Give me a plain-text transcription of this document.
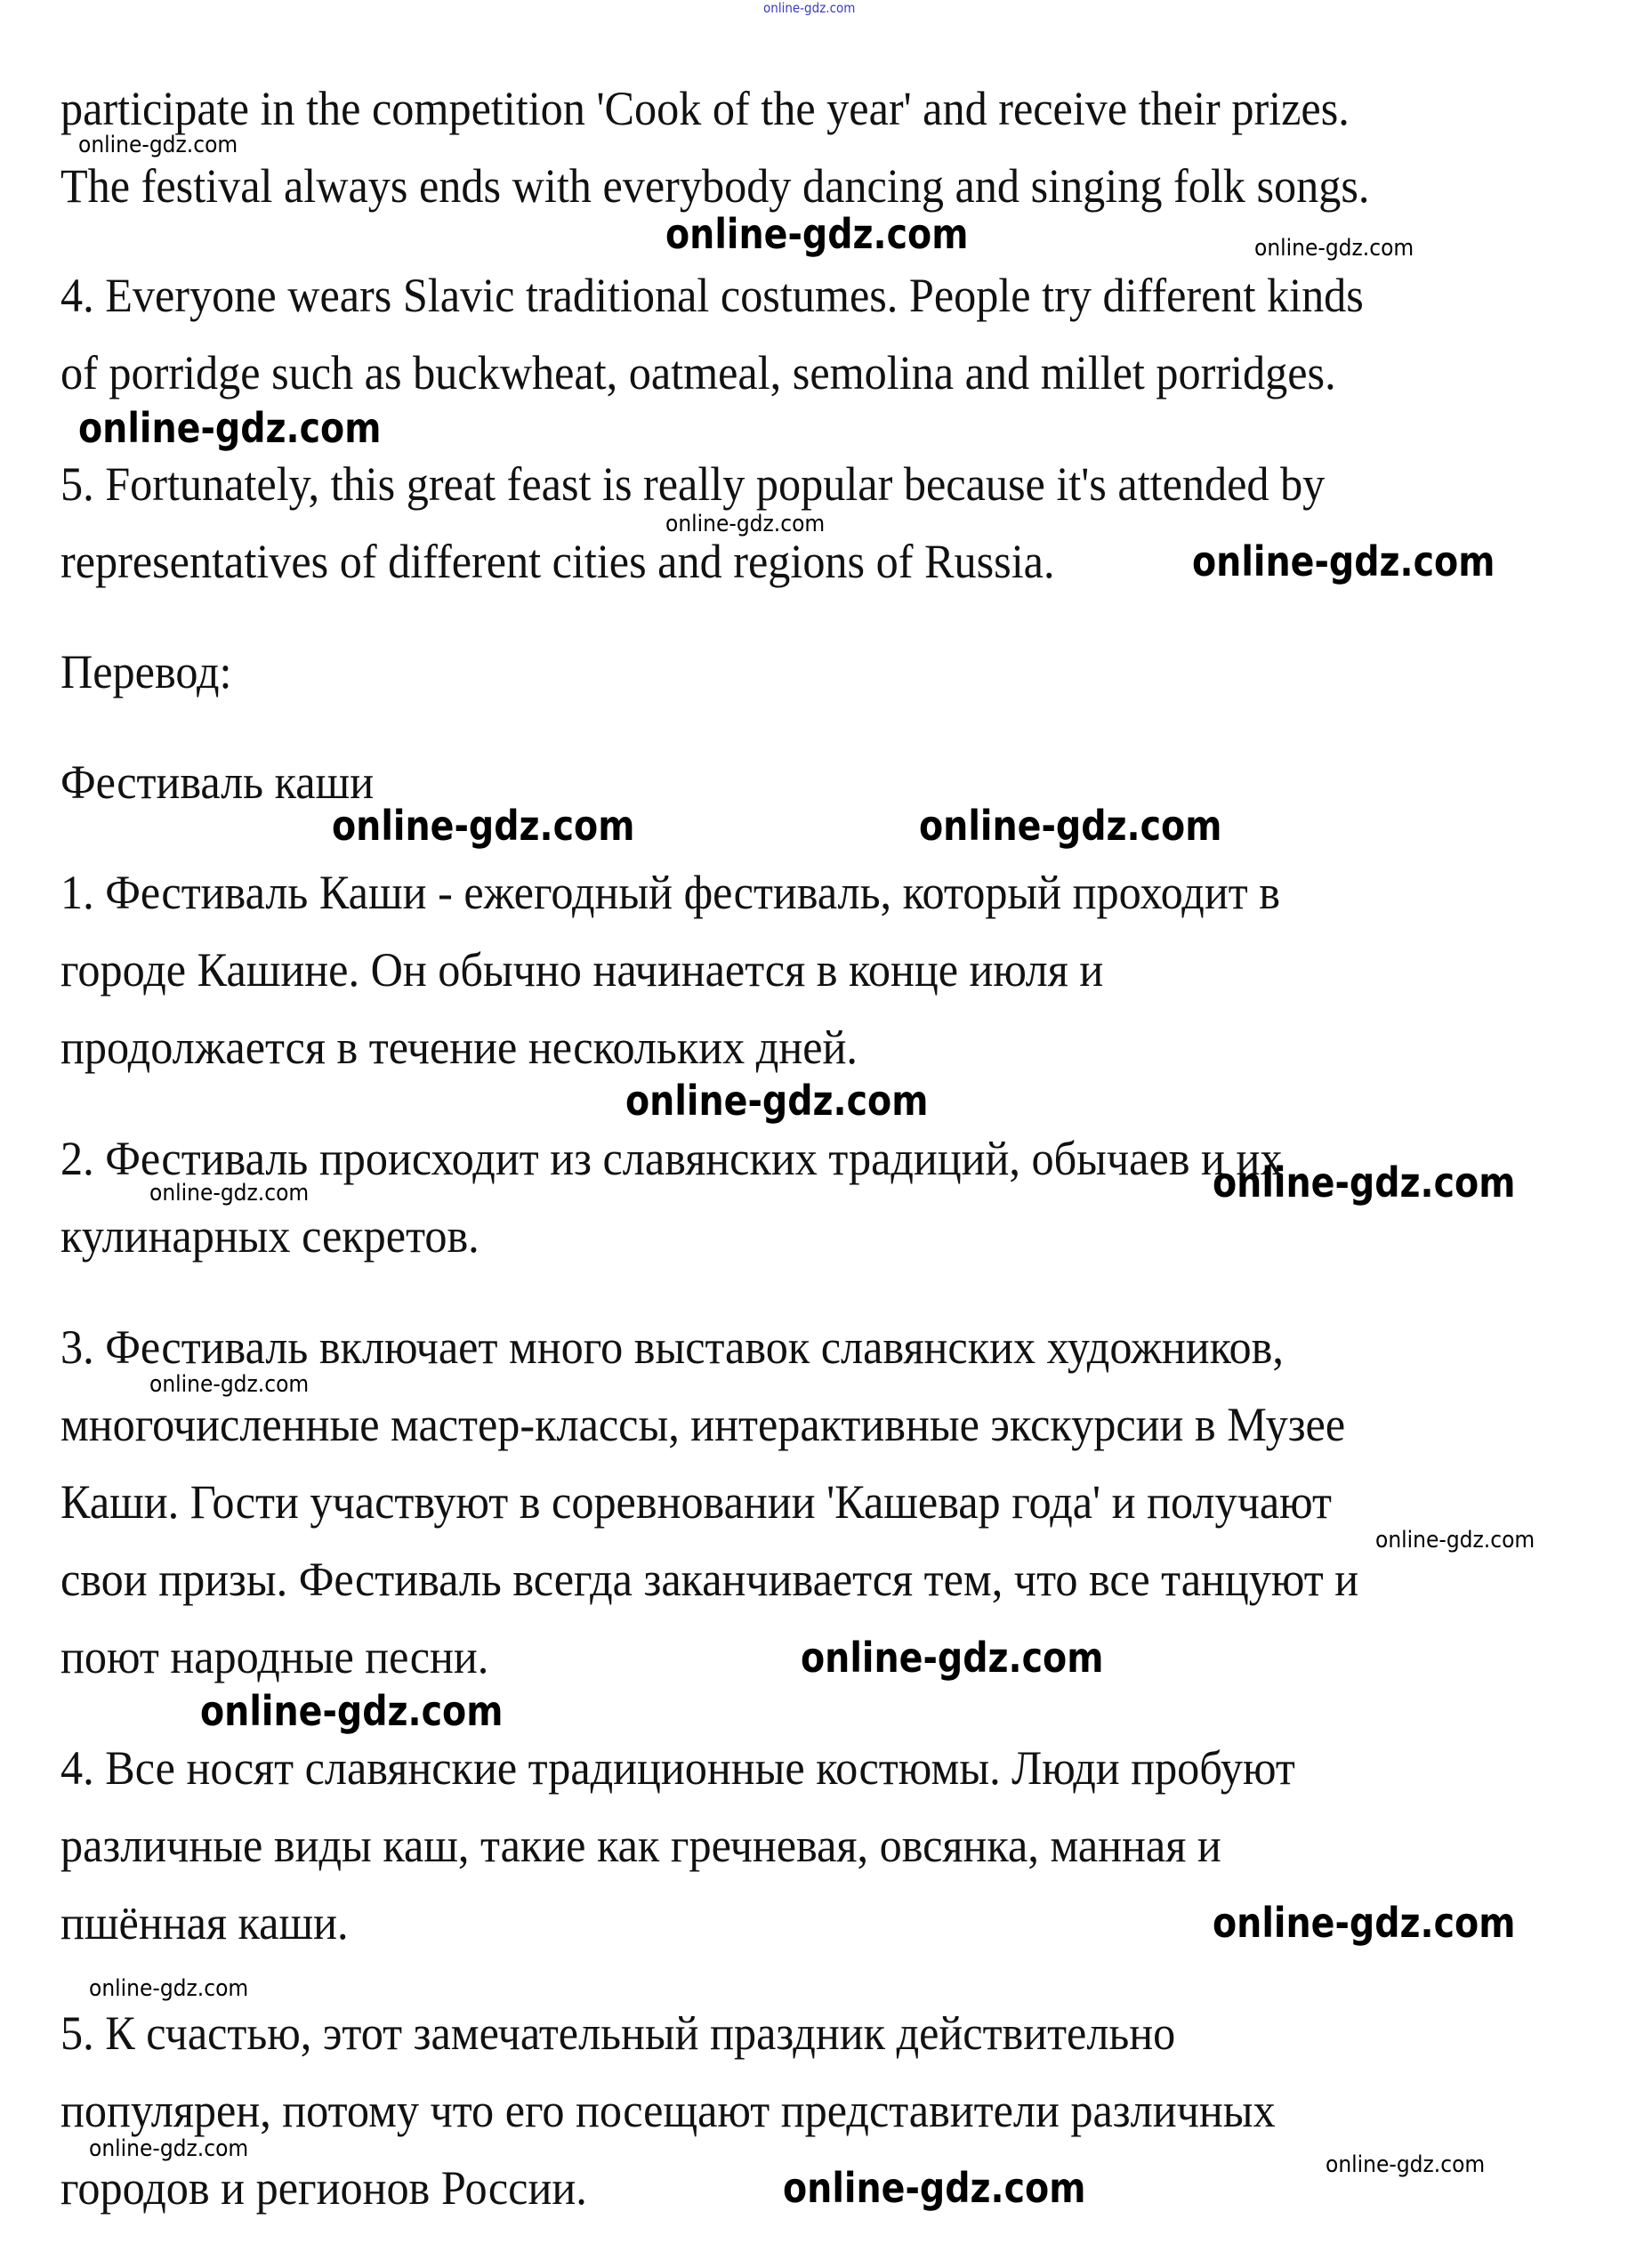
online-gdz.com
participate in the competition 'Cook of the year' and receive their prizes.
The festival always ends with everybody dancing and singing folk songs.
4. Everyone wears Slavic traditional costumes. People try different kinds
of porridge such as buckwheat, oatmeal, semolina and millet porridges.
5. Fortunately, this great feast is really popular because it's attended by
representatives of different cities and regions of Russia.
Перевод:
Фестиваль каши
1. Фестиваль Каши - ежегодный фестиваль, который проходит в
городе Кашине. Он обычно начинается в конце июля и
продолжается в течение нескольких дней.
2. Фестиваль происходит из славянских традиций, обычаев и их
кулинарных секретов.
3. Фестиваль включает много выставок славянских художников,
многочисленные мастер-классы, интерактивные экскурсии в Музее
Каши. Гости участвуют в соревновании 'Кашевар года' и получают
свои призы. Фестиваль всегда заканчивается тем, что все танцуют и
поют народные песни.
4. Все носят славянские традиционные костюмы. Люди пробуют
различные виды каш, такие как гречневая, овсянка, манная и
пшённая каши.
5. К счастью, этот замечательный праздник действительно
популярен, потому что его посещают представители различных
городов и регионов России.
online-gdz.com
online-gdz.com	online-gdz.com
online-gdz.com
online-gdz.com
online-gdz.com
online-gdz.com	online-gdz.com
online-gdz.com
online-gdz.com	online-gdz.com
online-gdz.com
online-gdz.com
online-gdz.com
online-gdz.com
online-gdz.com
online-gdz.com
online-gdz.com
online-gdz.com
online-gdz.com
